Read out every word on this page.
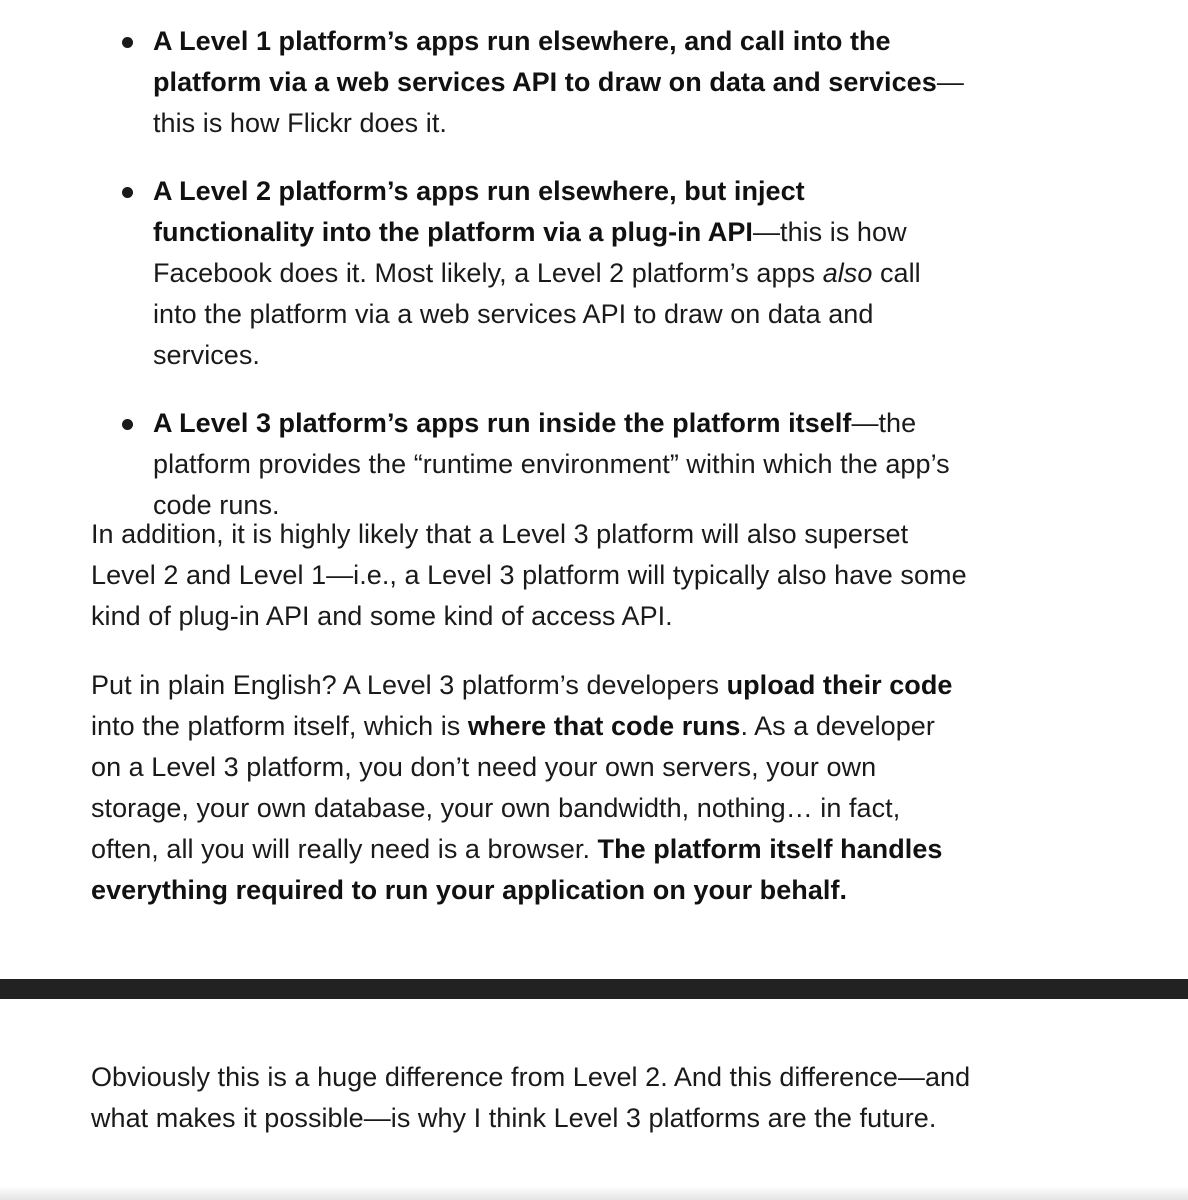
A Level 1 platform’s apps run elsewhere, and call into the platform via a web services API to draw on data and services—this is how Flickr does it.
A Level 2 platform’s apps run elsewhere, but inject functionality into the platform via a plug-in API—this is how Facebook does it. Most likely, a Level 2 platform’s apps also call into the platform via a web services API to draw on data and services.
A Level 3 platform’s apps run inside the platform itself—the platform provides the “runtime environment” within which the app’s code runs.

In addition, it is highly likely that a Level 3 platform will also superset Level 2 and Level 1—i.e., a Level 3 platform will typically also have some kind of plug-in API and some kind of access API.

Put in plain English? A Level 3 platform’s developers upload their code into the platform itself, which is where that code runs. As a developer on a Level 3 platform, you don’t need your own servers, your own storage, your own database, your own bandwidth, nothing… in fact, often, all you will really need is a browser. The platform itself handles everything required to run your application on your behalf.

Obviously this is a huge difference from Level 2. And this difference—and what makes it possible—is why I think Level 3 platforms are the future.
